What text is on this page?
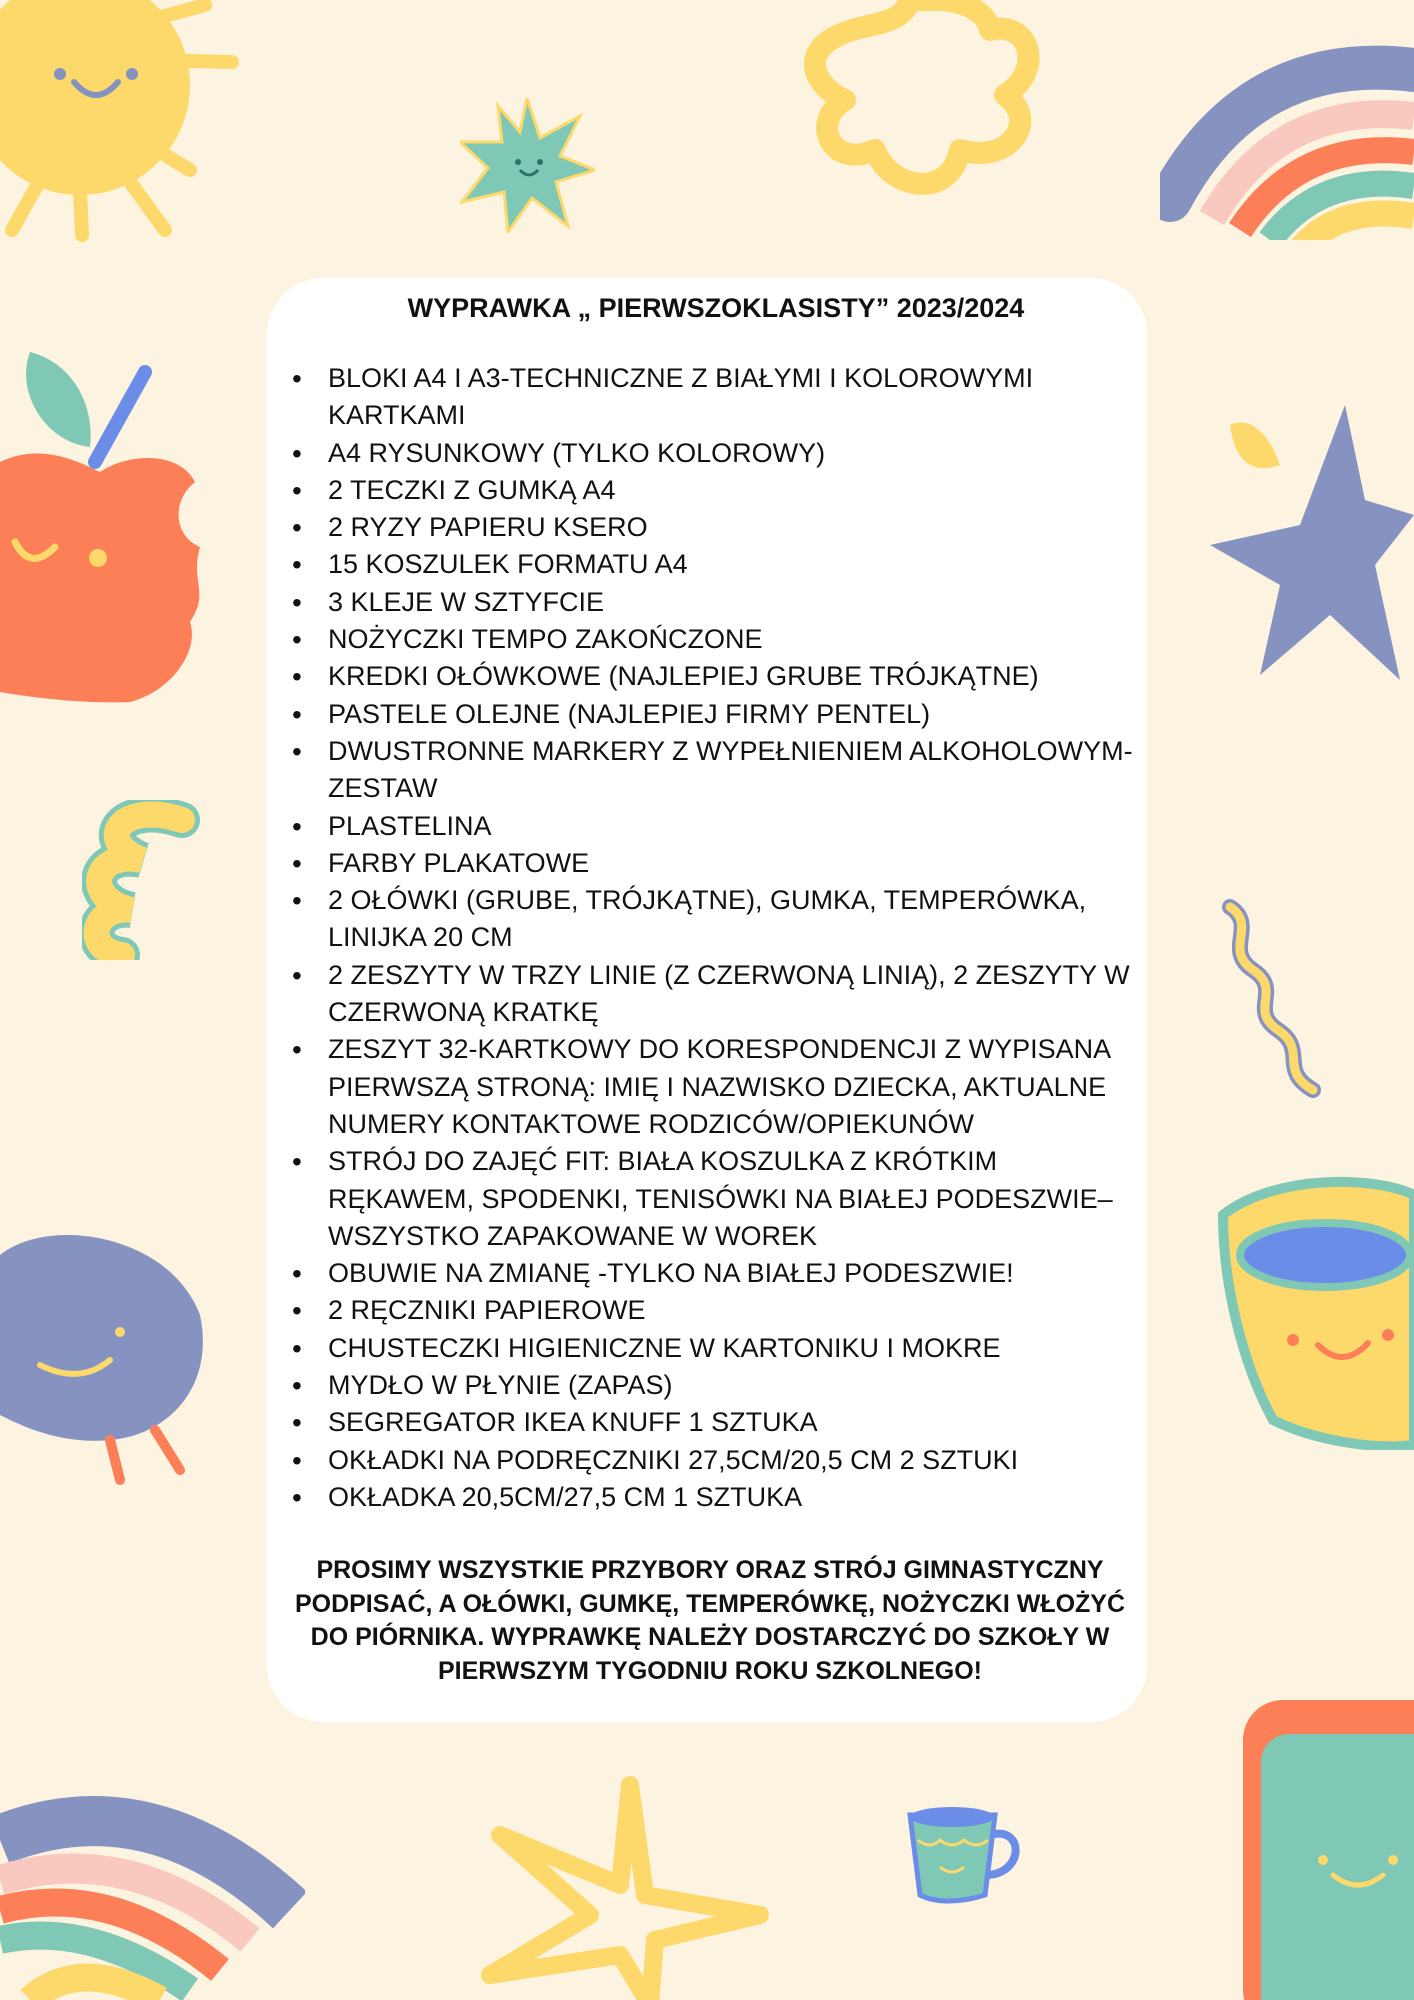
WYPRAWKA „ PIERWSZOKLASISTY” 2023/2024
• BLOKI A4 I A3-TECHNICZNE Z BIAŁYMI I KOLOROWYMI KARTKAMI
• A4 RYSUNKOWY (TYLKO KOLOROWY)
• 2 TECZKI Z GUMKĄ A4
• 2 RYZY PAPIERU KSERO
• 15 KOSZULEK FORMATU A4
• 3 KLEJE W SZTYFCIE
• NOŻYCZKI TEMPO ZAKOŃCZONE
• KREDKI OŁÓWKOWE (NAJLEPIEJ GRUBE TRÓJKĄTNE)
• PASTELE OLEJNE (NAJLEPIEJ FIRMY PENTEL)
• DWUSTRONNE MARKERY Z WYPEŁNIENIEM ALKOHOLOWYM-ZESTAW
• PLASTELINA
• FARBY PLAKATOWE
• 2 OŁÓWKI (GRUBE, TRÓJKĄTNE), GUMKA, TEMPERÓWKA, LINIJKA 20 CM
• 2 ZESZYTY W TRZY LINIE (Z CZERWONĄ LINIĄ), 2 ZESZYTY W CZERWONĄ KRATKĘ
• ZESZYT 32-KARTKOWY DO KORESPONDENCJI Z WYPISANA PIERWSZĄ STRONĄ: IMIĘ I NAZWISKO DZIECKA, AKTUALNE NUMERY KONTAKTOWE RODZICÓW/OPIEKUNÓW
• STRÓJ DO ZAJĘĆ FIT: BIAŁA KOSZULKA Z KRÓTKIM RĘKAWEM, SPODENKI, TENISÓWKI NA BIAŁEJ PODESZWIE–WSZYSTKO ZAPAKOWANE W WOREK
• OBUWIE NA ZMIANĘ -TYLKO NA BIAŁEJ PODESZWIE!
• 2 RĘCZNIKI PAPIEROWE
• CHUSTECZKI HIGIENICZNE W KARTONIKU I MOKRE
• MYDŁO W PŁYNIE (ZAPAS)
• SEGREGATOR IKEA KNUFF 1 SZTUKA
• OKŁADKI NA PODRĘCZNIKI 27,5CM/20,5 CM 2 SZTUKI
• OKŁADKA 20,5CM/27,5 CM 1 SZTUKA
PROSIMY WSZYSTKIE PRZYBORY ORAZ STRÓJ GIMNASTYCZNY PODPISAĆ, A OŁÓWKI, GUMKĘ, TEMPERÓWKĘ, NOŻYCZKI WŁOŻYĆ DO PIÓRNIKA. WYPRAWKĘ NALEŻY DOSTARCZYĆ DO SZKOŁY W PIERWSZYM TYGODNIU ROKU SZKOLNEGO!
